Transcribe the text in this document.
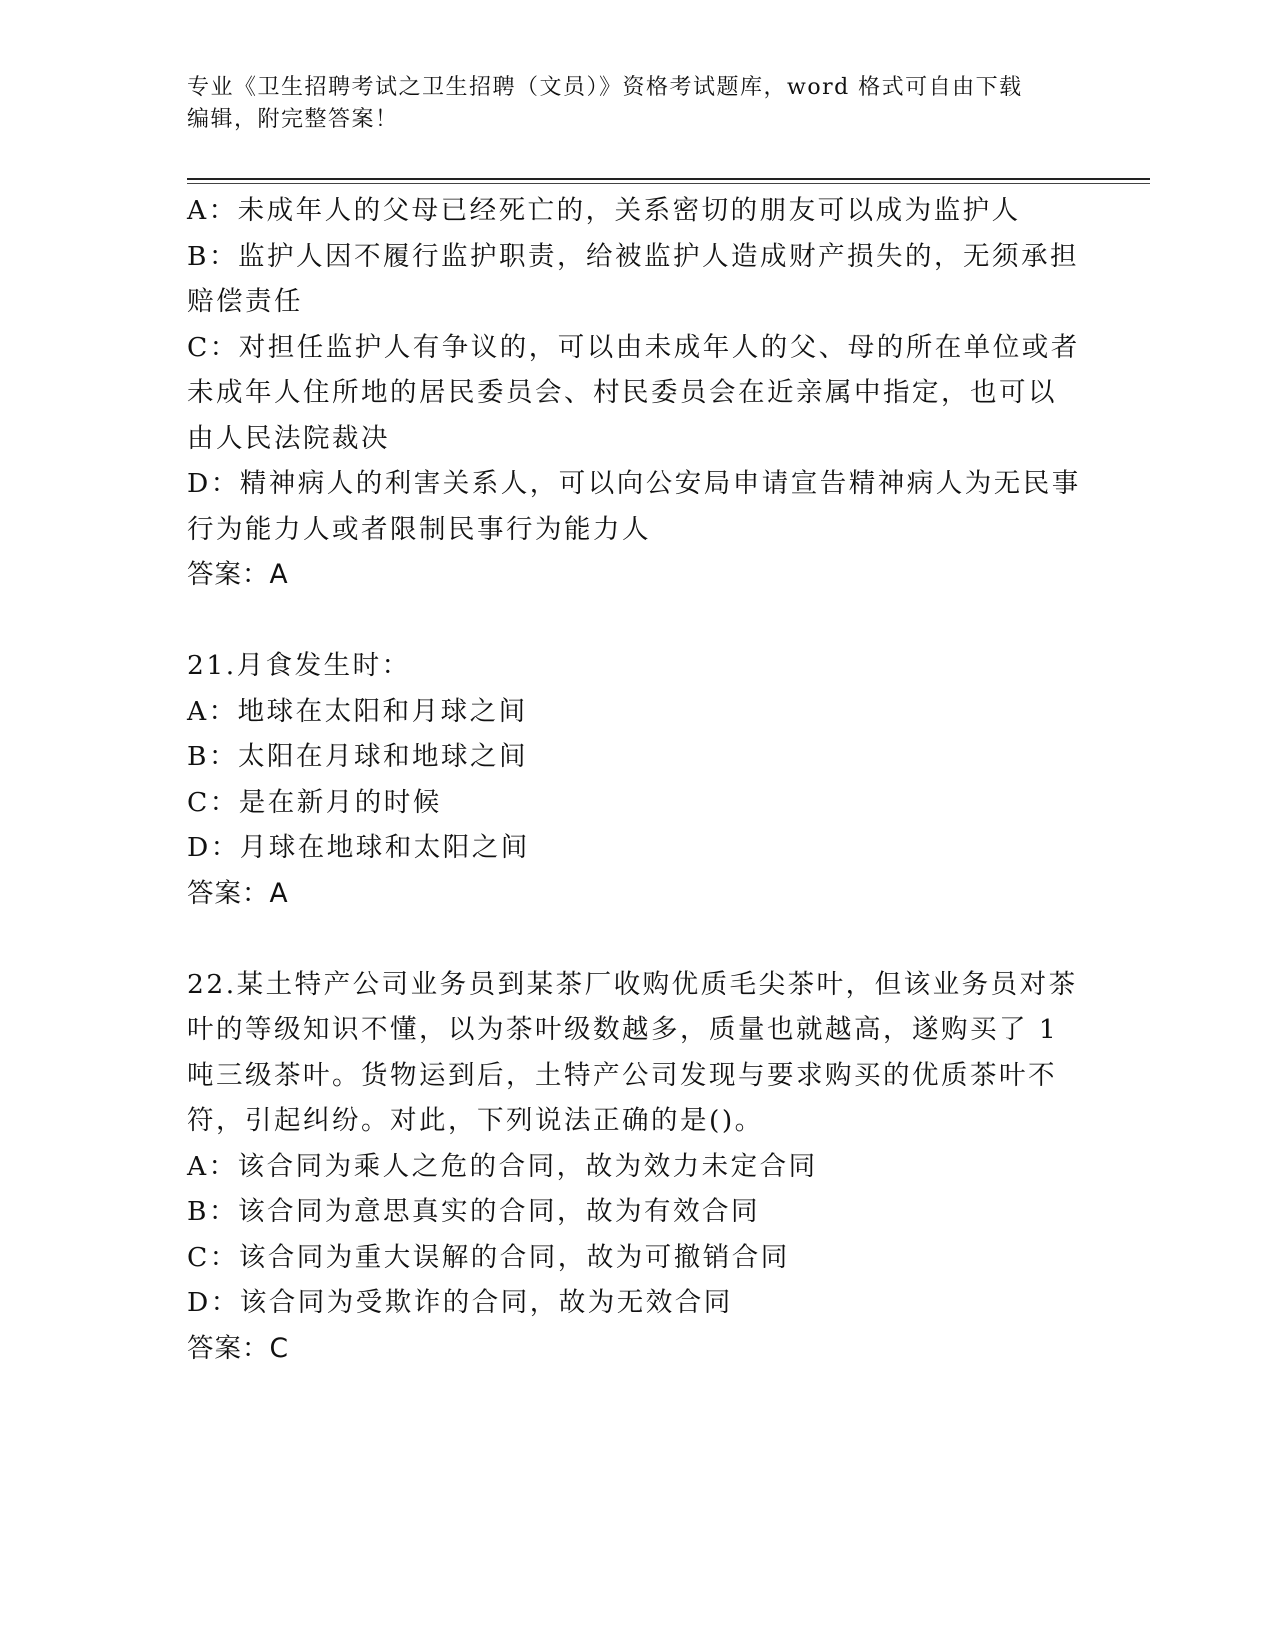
专业《卫生招聘考试之卫生招聘（文员）》资格考试题库，word 格式可自由下载
编辑，附完整答案！
A：未成年人的父母已经死亡的，关系密切的朋友可以成为监护人
B：监护人因不履行监护职责，给被监护人造成财产损失的，无须承担
赔偿责任
C：对担任监护人有争议的，可以由未成年人的父、母的所在单位或者
未成年人住所地的居民委员会、村民委员会在近亲属中指定，也可以
由人民法院裁决
D：精神病人的利害关系人，可以向公安局申请宣告精神病人为无民事
行为能力人或者限制民事行为能力人
答案：A
21.月食发生时：
A：地球在太阳和月球之间
B：太阳在月球和地球之间
C：是在新月的时候
D：月球在地球和太阳之间
答案：A
22.某土特产公司业务员到某茶厂收购优质毛尖茶叶，但该业务员对茶
叶的等级知识不懂，以为茶叶级数越多，质量也就越高，遂购买了 1
吨三级茶叶。货物运到后，土特产公司发现与要求购买的优质茶叶不
符，引起纠纷。对此，下列说法正确的是()。
A：该合同为乘人之危的合同，故为效力未定合同
B：该合同为意思真实的合同，故为有效合同
C：该合同为重大误解的合同，故为可撤销合同
D：该合同为受欺诈的合同，故为无效合同
答案：C
